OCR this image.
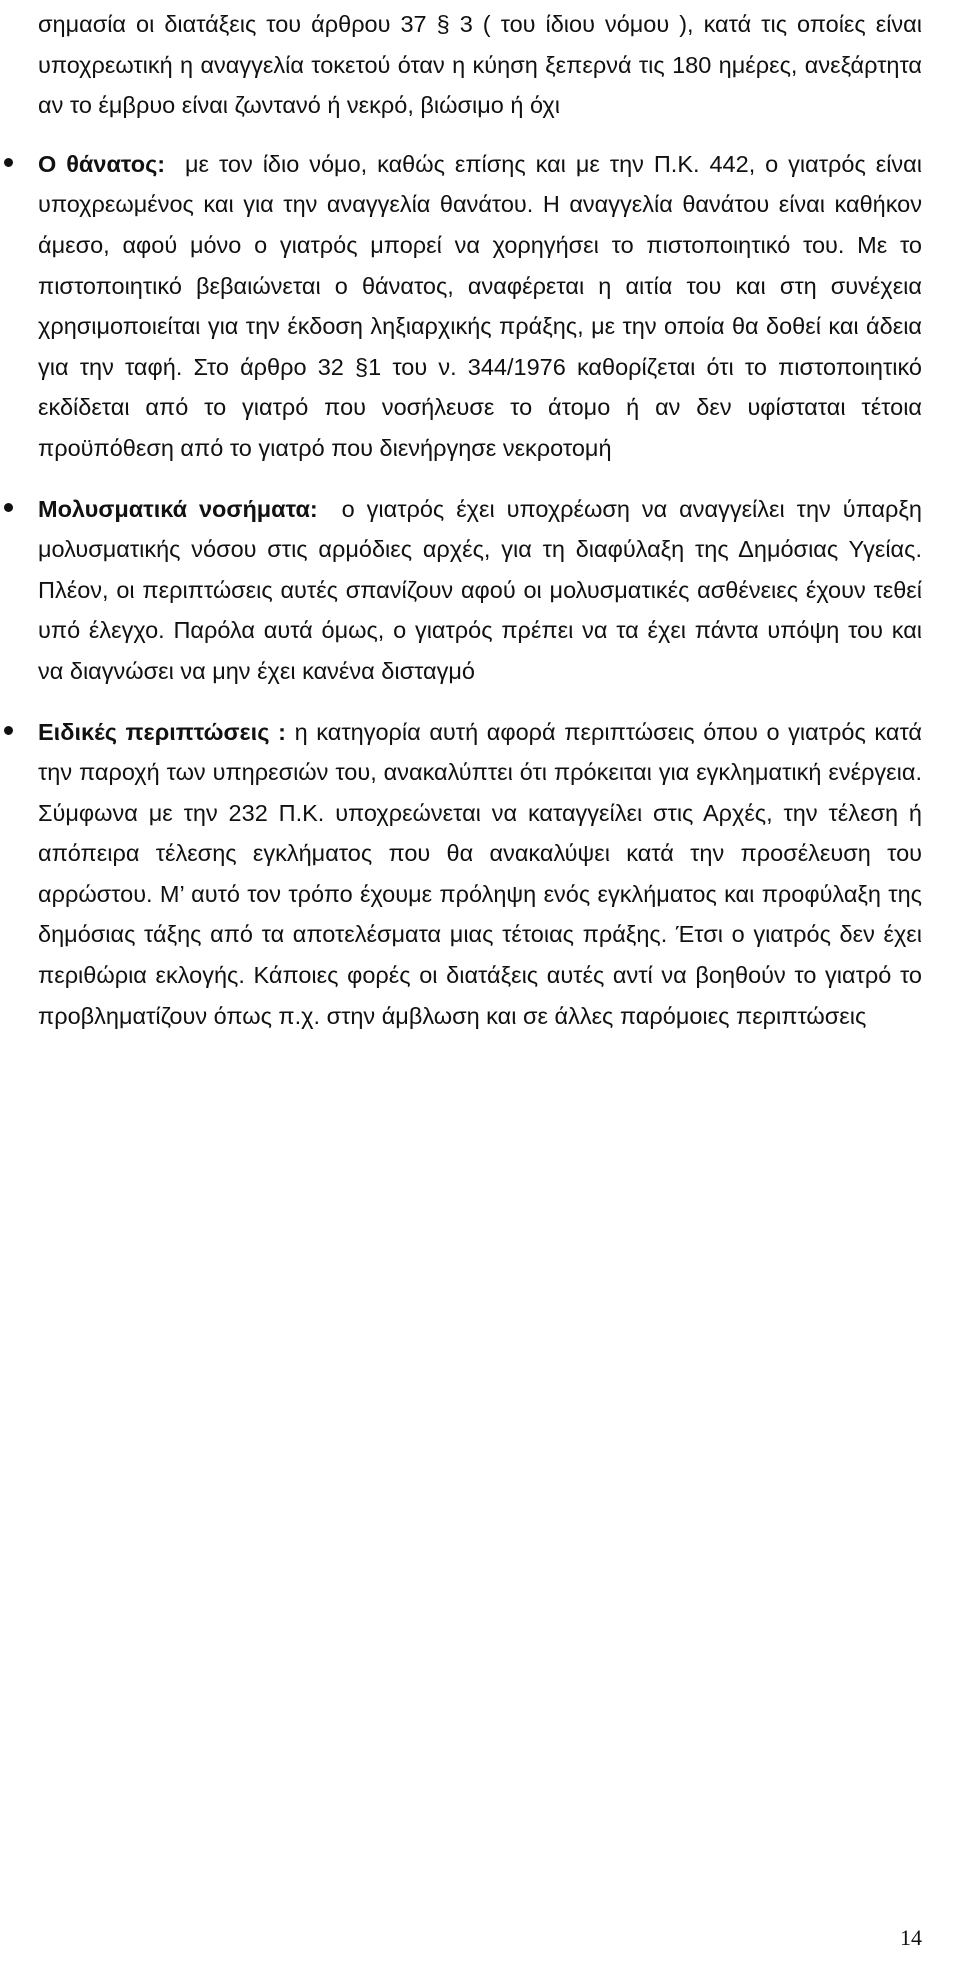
σημασία οι διατάξεις του άρθρου 37 § 3 ( του ίδιου νόμου ), κατά τις οποίες είναι υποχρεωτική η αναγγελία τοκετού όταν η κύηση ξεπερνά τις 180 ημέρες, ανεξάρτητα αν το έμβρυο είναι ζωντανό ή νεκρό, βιώσιμο ή όχι

Ο θάνατος: με τον ίδιο νόμο, καθώς επίσης και με την Π.Κ. 442, ο γιατρός είναι υποχρεωμένος και για την αναγγελία θανάτου. Η αναγγελία θανάτου είναι καθήκον άμεσο, αφού μόνο ο γιατρός μπορεί να χορηγήσει το πιστοποιητικό του. Με το πιστοποιητικό βεβαιώνεται ο θάνατος, αναφέρεται η αιτία του και στη συνέχεια χρησιμοποιείται για την έκδοση ληξιαρχικής πράξης, με την οποία θα δοθεί και άδεια για την ταφή. Στο άρθρο 32 §1 του ν. 344/1976 καθορίζεται ότι το πιστοποιητικό εκδίδεται από το γιατρό που νοσήλευσε το άτομο ή αν δεν υφίσταται τέτοια προϋπόθεση από το γιατρό που διενήργησε νεκροτομή

Μολυσματικά νοσήματα: ο γιατρός έχει υποχρέωση να αναγγείλει την ύπαρξη μολυσματικής νόσου στις αρμόδιες αρχές, για τη διαφύλαξη της Δημόσιας Υγείας. Πλέον, οι περιπτώσεις αυτές σπανίζουν αφού οι μολυσματικές ασθένειες έχουν τεθεί υπό έλεγχο. Παρόλα αυτά όμως, ο γιατρός πρέπει να τα έχει πάντα υπόψη του και να διαγνώσει να μην έχει κανένα δισταγμό

Ειδικές περιπτώσεις : η κατηγορία αυτή αφορά περιπτώσεις όπου ο γιατρός κατά την παροχή των υπηρεσιών του, ανακαλύπτει ότι πρόκειται για εγκληματική ενέργεια. Σύμφωνα με την 232 Π.Κ. υποχρεώνεται να καταγγείλει στις Αρχές, την τέλεση ή απόπειρα τέλεσης εγκλήματος που θα ανακαλύψει κατά την προσέλευση του αρρώστου. Μ’ αυτό τον τρόπο έχουμε πρόληψη ενός εγκλήματος και προφύλαξη της δημόσιας τάξης από τα αποτελέσματα μιας τέτοιας πράξης. Έτσι ο γιατρός δεν έχει περιθώρια εκλογής. Κάποιες φορές οι διατάξεις αυτές αντί να βοηθούν το γιατρό το προβληματίζουν όπως π.χ. στην άμβλωση και σε άλλες παρόμοιες περιπτώσεις

14
